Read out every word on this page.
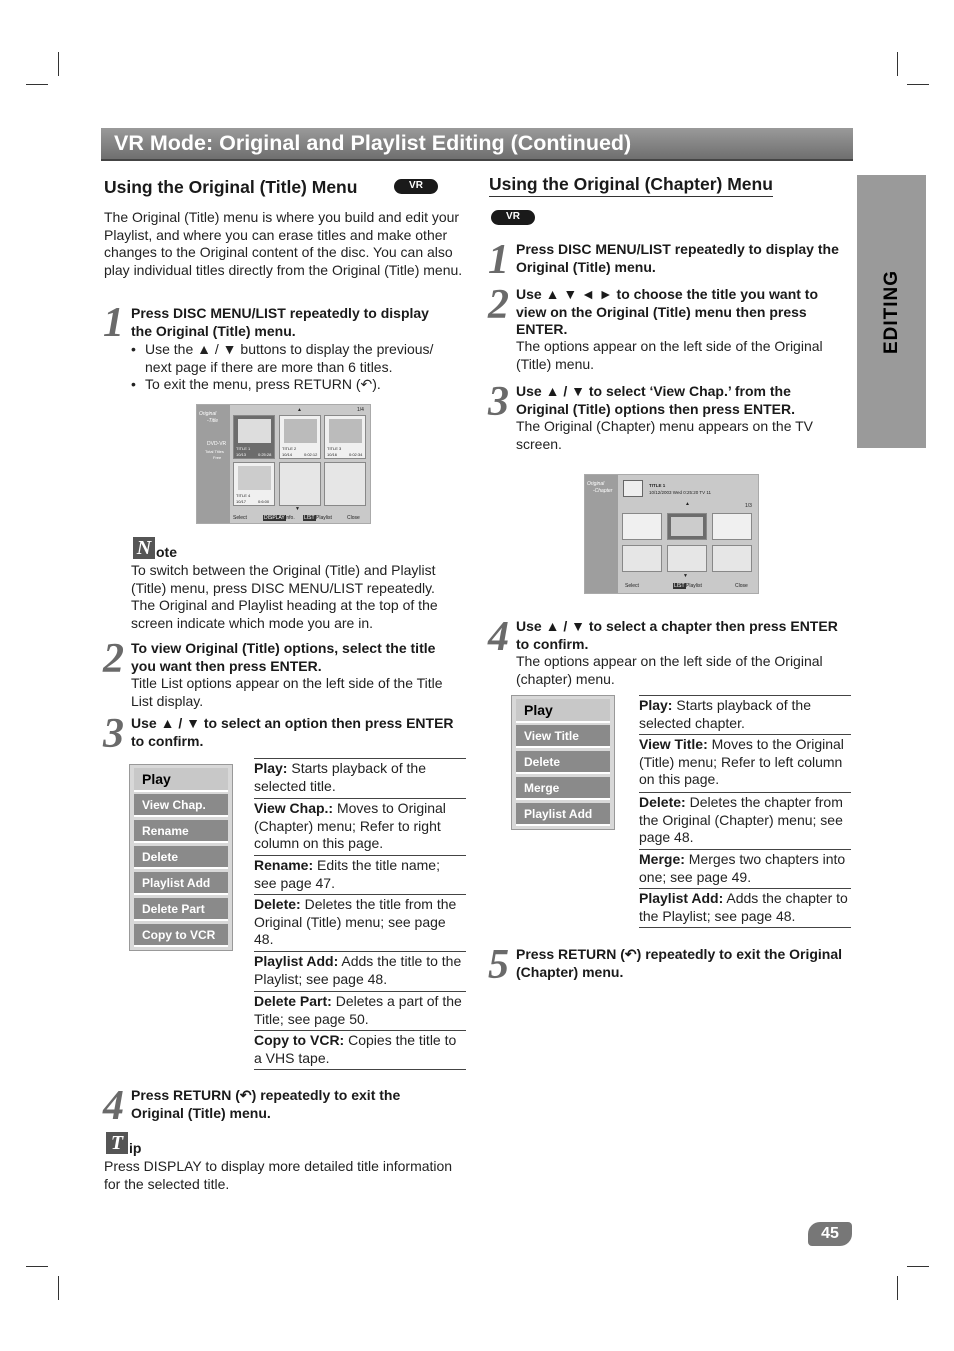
VR Mode: Original and Playlist Editing (Continued)
EDITING
Using the Original (Title) Menu	VR
The Original (Title) menu is where you build and edit your Playlist, and where you can erase titles and make other changes to the Original content of the disc. You can also play individual titles directly from the Original (Title) menu.
1 Press DISC MENU/LIST repeatedly to display the Original (Title) menu.
• Use the ▲ / ▼ buttons to display the previous/ next page if there are more than 6 titles.
• To exit the menu, press RETURN (↶).
Original
-Title
DVD-VR
Total Titles
Free
▲	1/4
TITLE 1
10/13	0:25:28
TITLE 2
10/14	0:02:12
TITLE 3
10/16	0:02:34
TITLE 4
10/17	0:6:00
▼
Select	DISPLAY Info. LIST Playlist	Close
N ote
To switch between the Original (Title) and Playlist (Title) menu, press DISC MENU/LIST repeatedly. The Original and Playlist heading at the top of the screen indicate which mode you are in.
2 To view Original (Title) options, select the title you want then press ENTER.
Title List options appear on the left side of the Title List display.
3 Use ▲ / ▼ to select an option then press ENTER to confirm.
Play
View Chap.
Rename
Delete
Playlist Add
Delete Part
Copy to VCR
Play: Starts playback of the selected title.
View Chap.: Moves to Original (Chapter) menu; Refer to right column on this page.
Rename: Edits the title name; see page 47.
Delete: Deletes the title from the Original (Title) menu; see page 48.
Playlist Add: Adds the title to the Playlist; see page 48.
Delete Part: Deletes a part of the Title; see page 50.
Copy to VCR: Copies the title to a VHS tape.
4 Press RETURN (↶) repeatedly to exit the Original (Title) menu.
T ip
Press DISPLAY to display more detailed title information for the selected title.
Using the Original (Chapter) Menu
VR
1 Press DISC MENU/LIST repeatedly to display the Original (Title) menu.
2 Use ▲ ▼ ◄ ► to choose the title you want to view on the Original (Title) menu then press ENTER.
The options appear on the left side of the Original (Title) menu.
3 Use ▲ / ▼ to select ‘View Chap.’ from the Original (Title) options then press ENTER.
The Original (Chapter) menu appears on the TV screen.
Original
-Chapter
TITLE 1
10/12/2003 Wed 0:25:20 TV 11
▲	1/3
▼
Select	LIST Playlist	Close
4 Use ▲ / ▼ to select a chapter then press ENTER to confirm.
The options appear on the left side of the Original (chapter) menu.
Play
View Title
Delete
Merge
Playlist Add
Play: Starts playback of the selected chapter.
View Title: Moves to the Original (Title) menu; Refer to left column on this page.
Delete: Deletes the chapter from the Original (Chapter) menu; see page 48.
Merge: Merges two chapters into one; see page 49.
Playlist Add: Adds the chapter to the Playlist; see page 48.
5 Press RETURN (↶) repeatedly to exit the Original (Chapter) menu.
45
